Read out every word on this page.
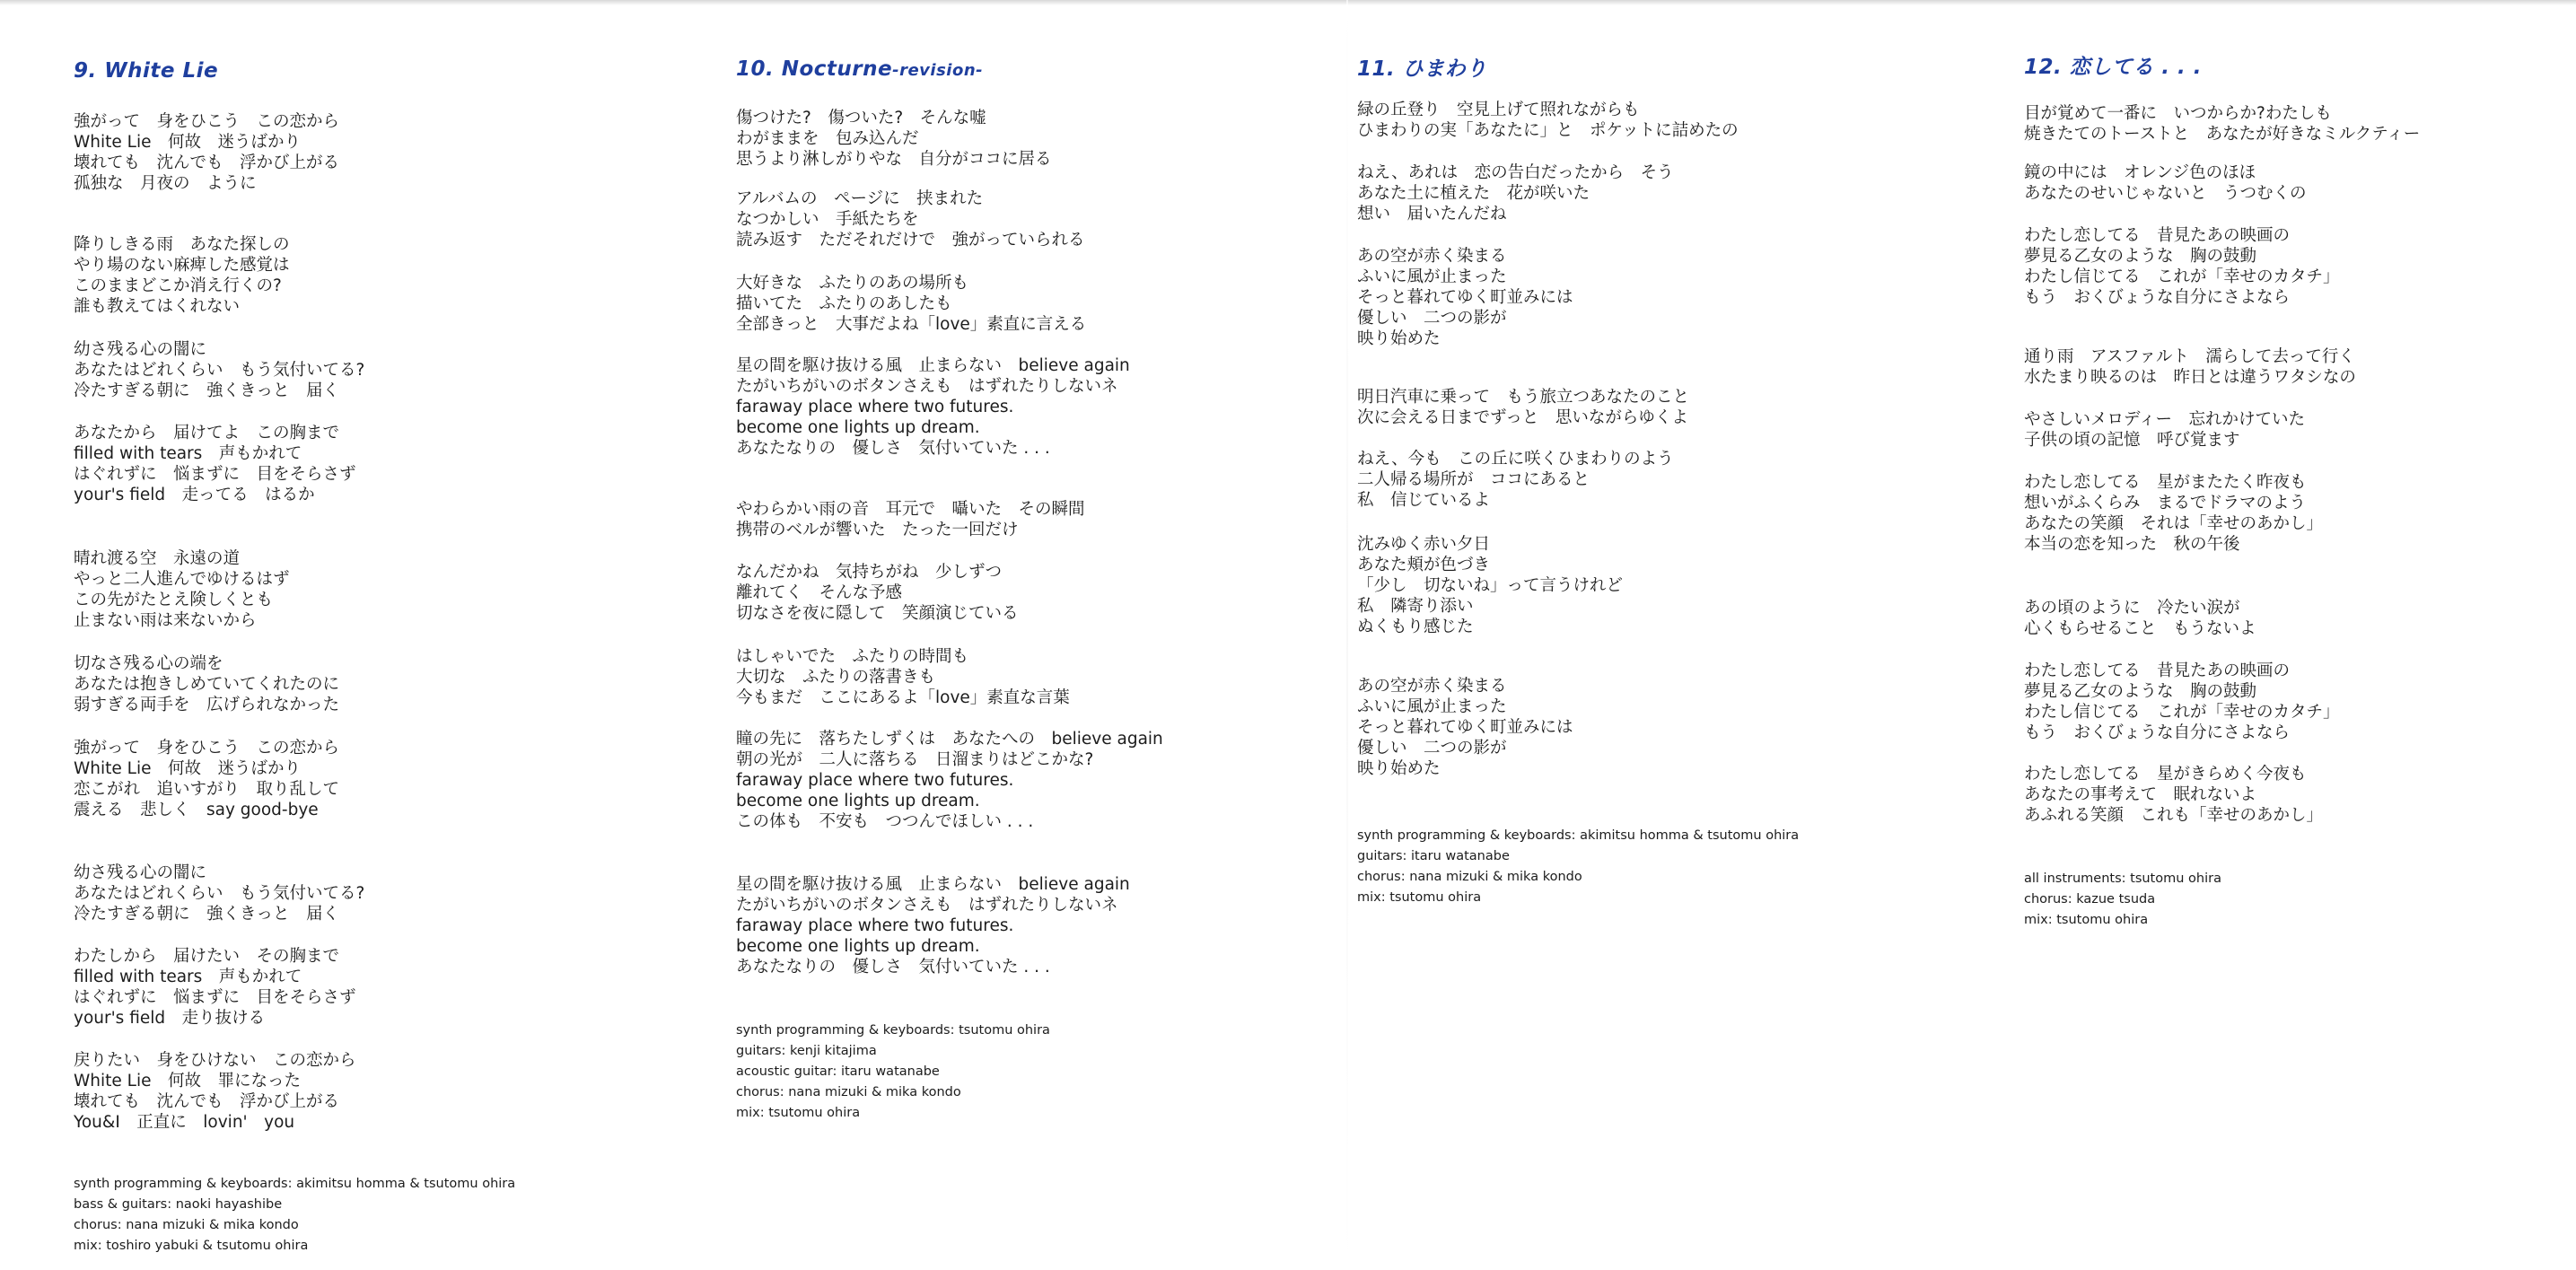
9. White Lie
強がって　身をひこう　この恋から
White Lie　何故　迷うばかり
壊れても　沈んでも　浮かび上がる
孤独な　月夜の　ように
降りしきる雨　あなた探しの
やり場のない麻痺した感覚は
このままどこか消え行くの?
誰も教えてはくれない
幼さ残る心の闇に
あなたはどれくらい　もう気付いてる?
冷たすぎる朝に　強くきっと　届く
あなたから　届けてよ　この胸まで
filled with tears　声もかれて
はぐれずに　悩まずに　目をそらさず
your's field　走ってる　はるか
晴れ渡る空　永遠の道
やっと二人進んでゆけるはず
この先がたとえ険しくとも
止まない雨は来ないから
切なさ残る心の端を
あなたは抱きしめていてくれたのに
弱すぎる両手を　広げられなかった
強がって　身をひこう　この恋から
White Lie　何故　迷うばかり
恋こがれ　追いすがり　取り乱して
震える　悲しく　say good-bye
幼さ残る心の闇に
あなたはどれくらい　もう気付いてる?
冷たすぎる朝に　強くきっと　届く
わたしから　届けたい　その胸まで
filled with tears　声もかれて
はぐれずに　悩まずに　目をそらさず
your's field　走り抜ける
戻りたい　身をひけない　この恋から
White Lie　何故　罪になった
壊れても　沈んでも　浮かび上がる
You&I　正直に　lovin'　you
synth programming & keyboards: akimitsu homma & tsutomu ohira
bass & guitars: naoki hayashibe
chorus: nana mizuki & mika kondo
mix: toshiro yabuki & tsutomu ohira
10. Nocturne-revision-
傷つけた?　傷ついた?　そんな嘘
わがままを　包み込んだ
思うより淋しがりやな　自分がココに居る
アルバムの　ページに　挟まれた
なつかしい　手紙たちを
読み返す　ただそれだけで　強がっていられる
大好きな　ふたりのあの場所も
描いてた　ふたりのあしたも
全部きっと　大事だよね「love」素直に言える
星の間を駆け抜ける風　止まらない　believe again
たがいちがいのボタンさえも　はずれたりしないネ
faraway place where two futures.
become one lights up dream.
あなたなりの　優しさ　気付いていた . . .
やわらかい雨の音　耳元で　囁いた　その瞬間
携帯のベルが響いた　たった一回だけ
なんだかね　気持ちがね　少しずつ
離れてく　そんな予感
切なさを夜に隠して　笑顔演じている
はしゃいでた　ふたりの時間も
大切な　ふたりの落書きも
今もまだ　ここにあるよ「love」素直な言葉
瞳の先に　落ちたしずくは　あなたへの　believe again
朝の光が　二人に落ちる　日溜まりはどこかな?
faraway place where two futures.
become one lights up dream.
この体も　不安も　つつんでほしい . . .
星の間を駆け抜ける風　止まらない　believe again
たがいちがいのボタンさえも　はずれたりしないネ
faraway place where two futures.
become one lights up dream.
あなたなりの　優しさ　気付いていた . . .
synth programming & keyboards: tsutomu ohira
guitars: kenji kitajima
acoustic guitar: itaru watanabe
chorus: nana mizuki & mika kondo
mix: tsutomu ohira
11. ひまわり
緑の丘登り　空見上げて照れながらも
ひまわりの実「あなたに」と　ポケットに詰めたの
ねえ、あれは　恋の告白だったから　そう
あなた土に植えた　花が咲いた
想い　届いたんだね
あの空が赤く染まる
ふいに風が止まった
そっと暮れてゆく町並みには
優しい　二つの影が
映り始めた
明日汽車に乗って　もう旅立つあなたのこと
次に会える日までずっと　思いながらゆくよ
ねえ、今も　この丘に咲くひまわりのよう
二人帰る場所が　ココにあると
私　信じているよ
沈みゆく赤い夕日
あなた頬が色づき
「少し　切ないね」って言うけれど
私　隣寄り添い
ぬくもり感じた
あの空が赤く染まる
ふいに風が止まった
そっと暮れてゆく町並みには
優しい　二つの影が
映り始めた
synth programming & keyboards: akimitsu homma & tsutomu ohira
guitars: itaru watanabe
chorus: nana mizuki & mika kondo
mix: tsutomu ohira
12. 恋してる . . .
目が覚めて一番に　いつからか?わたしも
焼きたてのトーストと　あなたが好きなミルクティー
鏡の中には　オレンジ色のほほ
あなたのせいじゃないと　うつむくの
わたし恋してる　昔見たあの映画の
夢見る乙女のような　胸の鼓動
わたし信じてる　これが「幸せのカタチ」
もう　おくびょうな自分にさよなら
通り雨　アスファルト　濡らして去って行く
水たまり映るのは　昨日とは違うワタシなの
やさしいメロディー　忘れかけていた
子供の頃の記憶　呼び覚ます
わたし恋してる　星がまたたく昨夜も
想いがふくらみ　まるでドラマのよう
あなたの笑顔　それは「幸せのあかし」
本当の恋を知った　秋の午後
あの頃のように　冷たい涙が
心くもらせること　もうないよ
わたし恋してる　昔見たあの映画の
夢見る乙女のような　胸の鼓動
わたし信じてる　これが「幸せのカタチ」
もう　おくびょうな自分にさよなら
わたし恋してる　星がきらめく今夜も
あなたの事考えて　眠れないよ
あふれる笑顔　これも「幸せのあかし」
all instruments: tsutomu ohira
chorus: kazue tsuda
mix: tsutomu ohira
